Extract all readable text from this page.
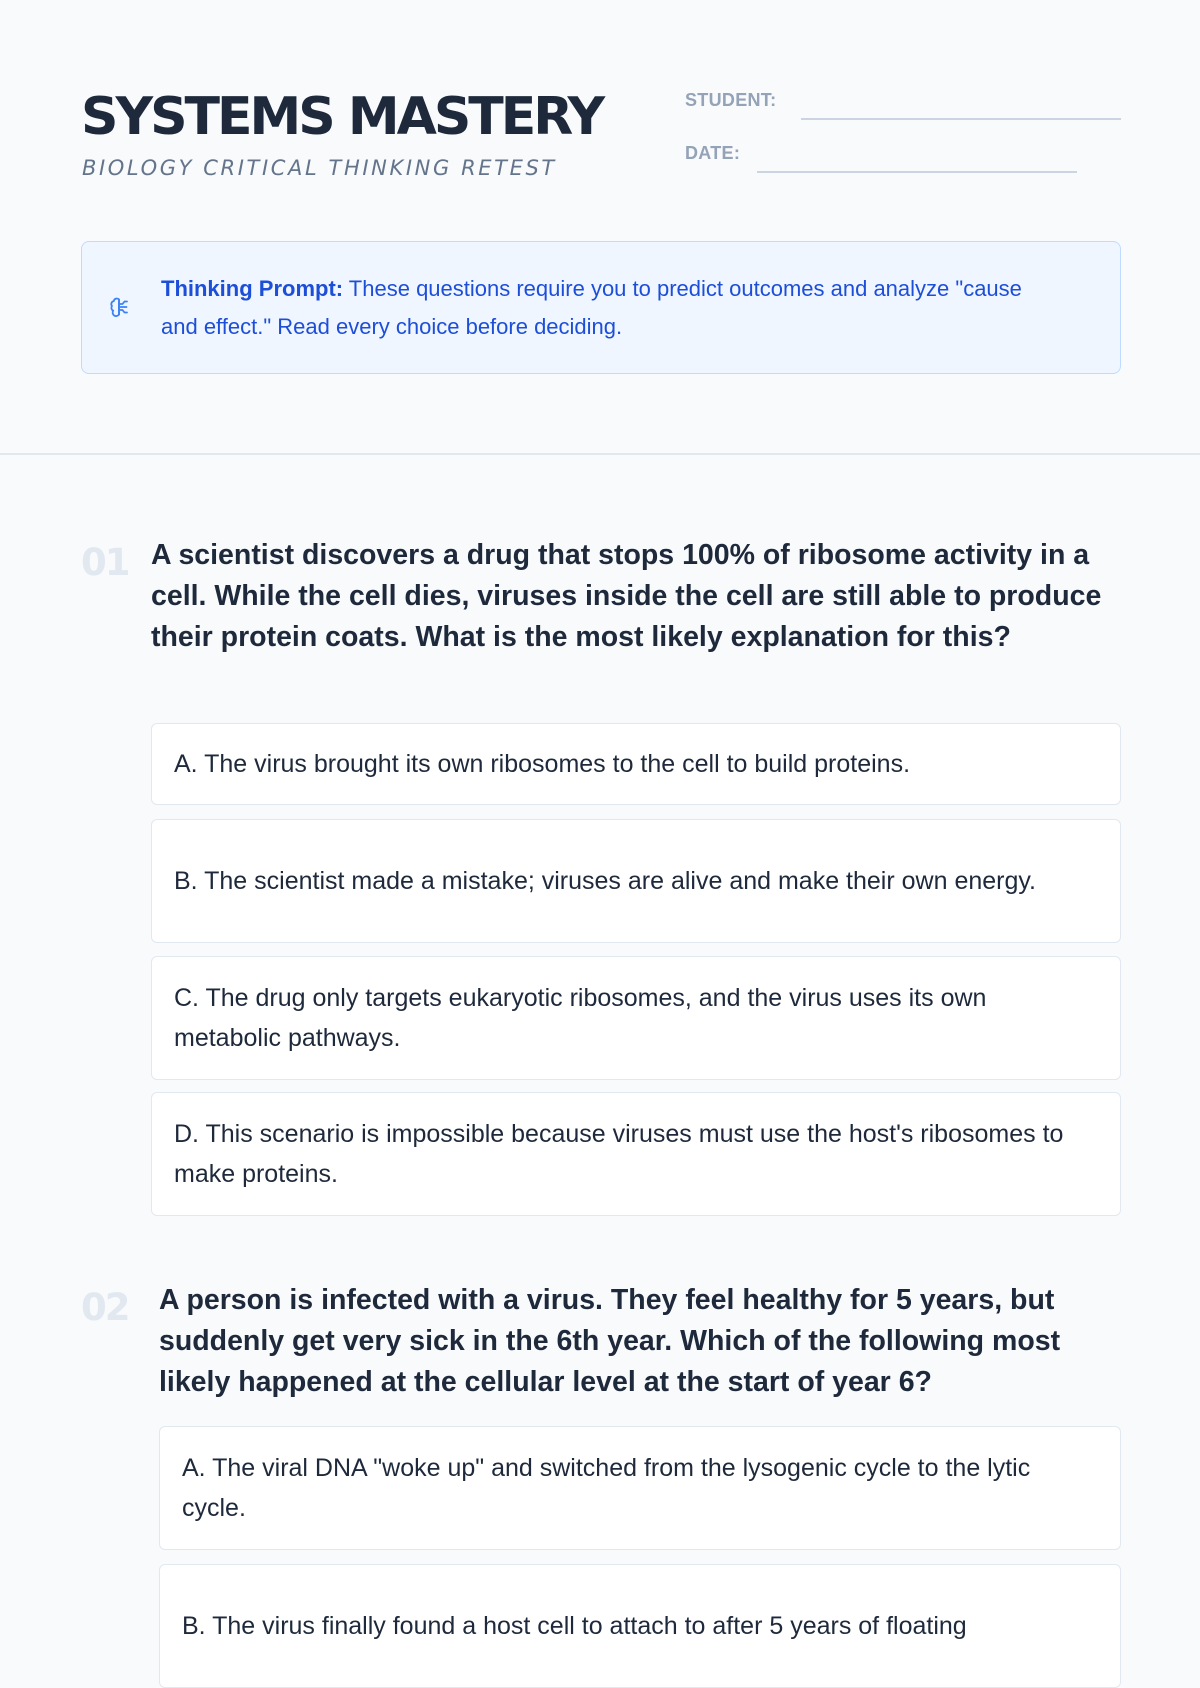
SYSTEMS MASTERY
BIOLOGY CRITICAL THINKING RETEST
STUDENT:
DATE:
Thinking Prompt: These questions require you to predict outcomes and analyze "cause and effect." Read every choice before deciding.
01 A scientist discovers a drug that stops 100% of ribosome activity in a cell. While the cell dies, viruses inside the cell are still able to produce their protein coats. What is the most likely explanation for this?
A. The virus brought its own ribosomes to the cell to build proteins.
B. The scientist made a mistake; viruses are alive and make their own energy.
C. The drug only targets eukaryotic ribosomes, and the virus uses its own metabolic pathways.
D. This scenario is impossible because viruses must use the host's ribosomes to make proteins.
02 A person is infected with a virus. They feel healthy for 5 years, but suddenly get very sick in the 6th year. Which of the following most likely happened at the cellular level at the start of year 6?
A. The viral DNA "woke up" and switched from the lysogenic cycle to the lytic cycle.
B. The virus finally found a host cell to attach to after 5 years of floating
